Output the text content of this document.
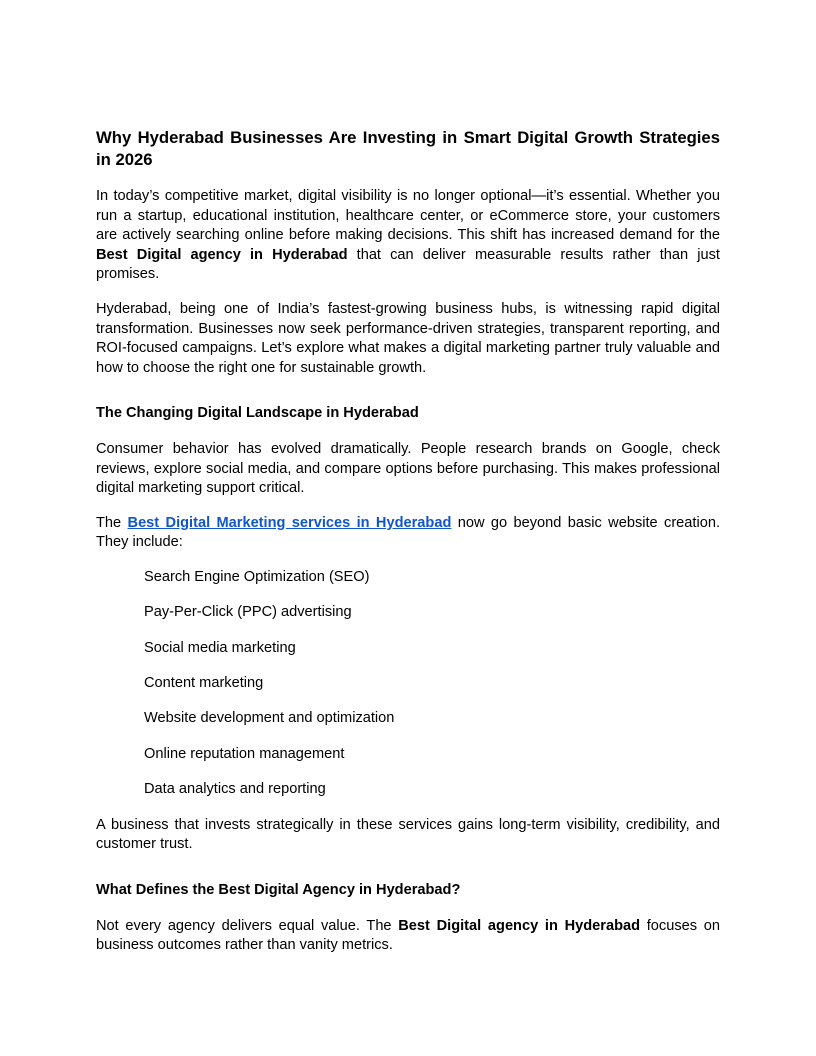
Why Hyderabad Businesses Are Investing in Smart Digital Growth Strategies in 2026

In today’s competitive market, digital visibility is no longer optional—it’s essential. Whether you run a startup, educational institution, healthcare center, or eCommerce store, your customers are actively searching online before making decisions. This shift has increased demand for the Best Digital agency in Hyderabad that can deliver measurable results rather than just promises.

Hyderabad, being one of India’s fastest-growing business hubs, is witnessing rapid digital transformation. Businesses now seek performance-driven strategies, transparent reporting, and ROI-focused campaigns. Let’s explore what makes a digital marketing partner truly valuable and how to choose the right one for sustainable growth.

The Changing Digital Landscape in Hyderabad

Consumer behavior has evolved dramatically. People research brands on Google, check reviews, explore social media, and compare options before purchasing. This makes professional digital marketing support critical.

The Best Digital Marketing services in Hyderabad now go beyond basic website creation. They include:

Search Engine Optimization (SEO)
Pay-Per-Click (PPC) advertising
Social media marketing
Content marketing
Website development and optimization
Online reputation management
Data analytics and reporting

A business that invests strategically in these services gains long-term visibility, credibility, and customer trust.

What Defines the Best Digital Agency in Hyderabad?

Not every agency delivers equal value. The Best Digital agency in Hyderabad focuses on business outcomes rather than vanity metrics.
